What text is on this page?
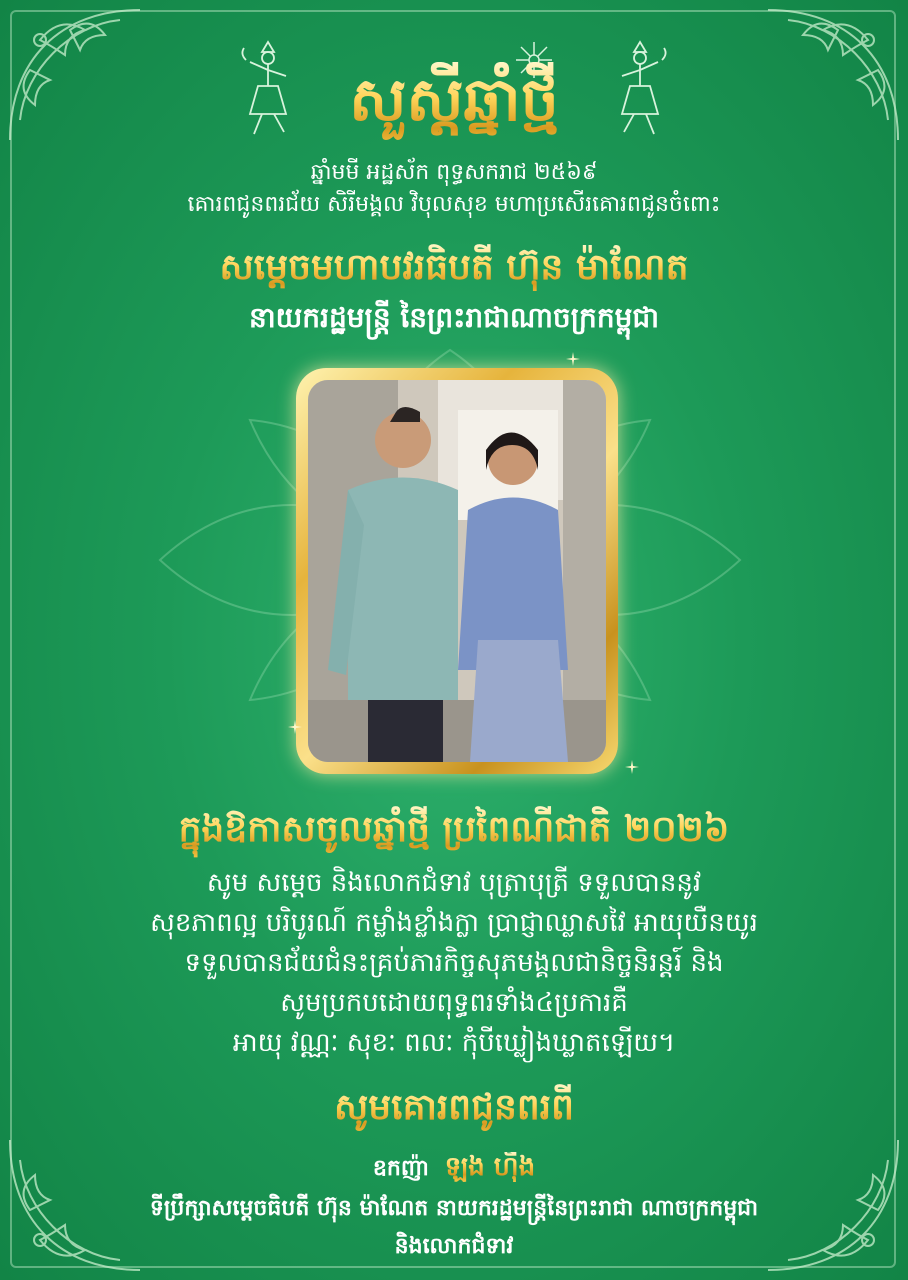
សួស្ដីឆ្នាំថ្មី
ឆ្នាំមមី អដ្ឋស័ក ពុទ្ធសករាជ ២៥៦៩
គោរពជូនពរជ័យ សិរីមង្គល វិបុលសុខ មហាប្រសើរគោរពជូនចំពោះ
សម្ដេចមហាបវរធិបតី ហ៊ុន ម៉ាណែត
នាយករដ្ឋមន្ត្រី នៃព្រះរាជាណាចក្រកម្ពុជា
ក្នុងឱកាសចូលឆ្នាំថ្មី ប្រពៃណីជាតិ ២០២៦
សូម សម្ដេច និងលោកជំទាវ បុត្រាបុត្រី ទទួលបាននូវ
សុខភាពល្អ បរិបូរណ៍ កម្លាំងខ្លាំងក្លា ប្រាជ្ញាឈ្លាសវៃ អាយុយឺនយូរ
ទទួលបានជ័យជំនះគ្រប់ភារកិច្ចសុភមង្គលជានិច្ចនិរន្តរ៍ និង
សូមប្រកបដោយពុទ្ធពរទាំង៤ប្រការគឺ
អាយុ វណ្ណៈ សុខៈ ពលៈ កុំបីឃ្លៀងឃ្លាតឡើយ។
សូមគោរពជូនពរពី
ឧកញ៉ា ឡុង ហ៊ីង
ទីប្រឹក្សាសម្ដេចធិបតី ហ៊ុន ម៉ាណែត នាយករដ្ឋមន្ត្រីនៃព្រះរាជា ណាចក្រកម្ពុជា
និងលោកជំទាវ
